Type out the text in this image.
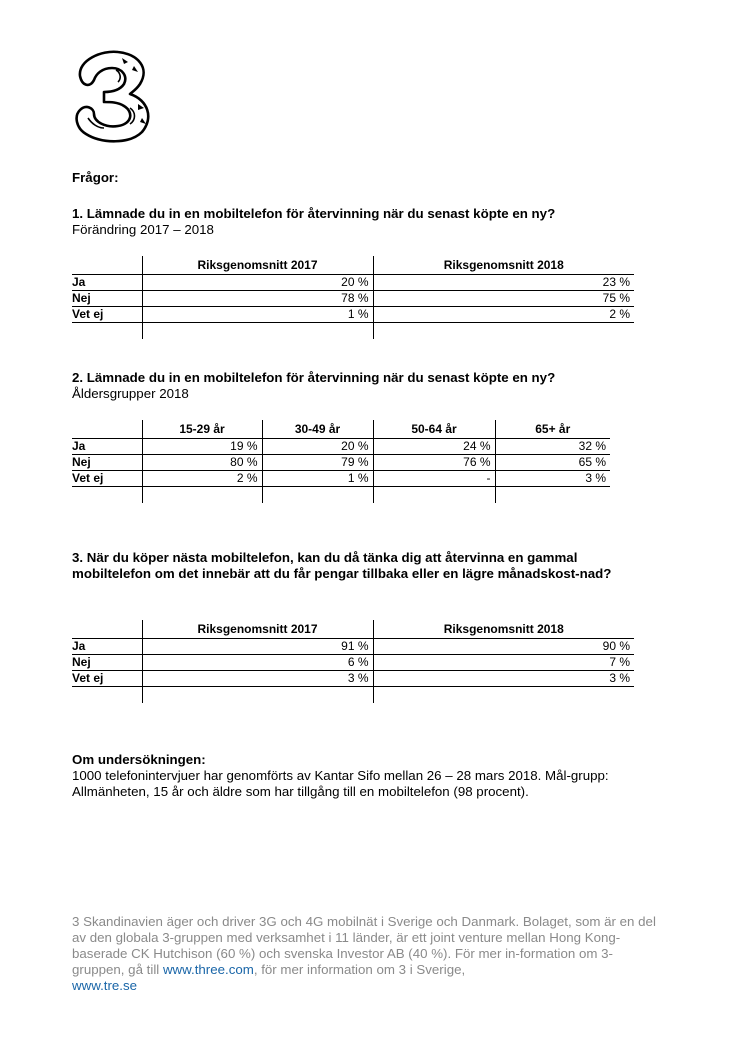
Frågor:
1. Lämnade du in en mobiltelefon för återvinning när du senast köpte en ny?
Förändring 2017 – 2018
	Riksgenomsnitt 2017	Riksgenomsnitt 2018
Ja	20 %	23 %
Nej	78 %	75 %
Vet ej	1 %	2 %

2. Lämnade du in en mobiltelefon för återvinning när du senast köpte en ny?
Åldersgrupper 2018
	15-29 år	30-49 år	50-64 år	65+ år
Ja	19 %	20 %	24 %	32 %
Nej	80 %	79 %	76 %	65 %
Vet ej	2 %	1 %	-	3 %

3. När du köper nästa mobiltelefon, kan du då tänka dig att återvinna en gammal mobiltelefon om det innebär att du får pengar tillbaka eller en lägre månadskost-nad?
	Riksgenomsnitt 2017	Riksgenomsnitt 2018
Ja	91 %	90 %
Nej	6 %	7 %
Vet ej	3 %	3 %

Om undersökningen:
1000 telefonintervjuer har genomförts av Kantar Sifo mellan 26 – 28 mars 2018. Mål-grupp: Allmänheten, 15 år och äldre som har tillgång till en mobiltelefon (98 procent).
3 Skandinavien äger och driver 3G och 4G mobilnät i Sverige och Danmark. Bolaget, som är en del av den globala 3-gruppen med verksamhet i 11 länder, är ett joint venture mellan Hong Kong-baserade CK Hutchison (60 %) och svenska Investor AB (40 %). För mer in-formation om 3-gruppen, gå till www.three.com, för mer information om 3 i Sverige,
www.tre.se
